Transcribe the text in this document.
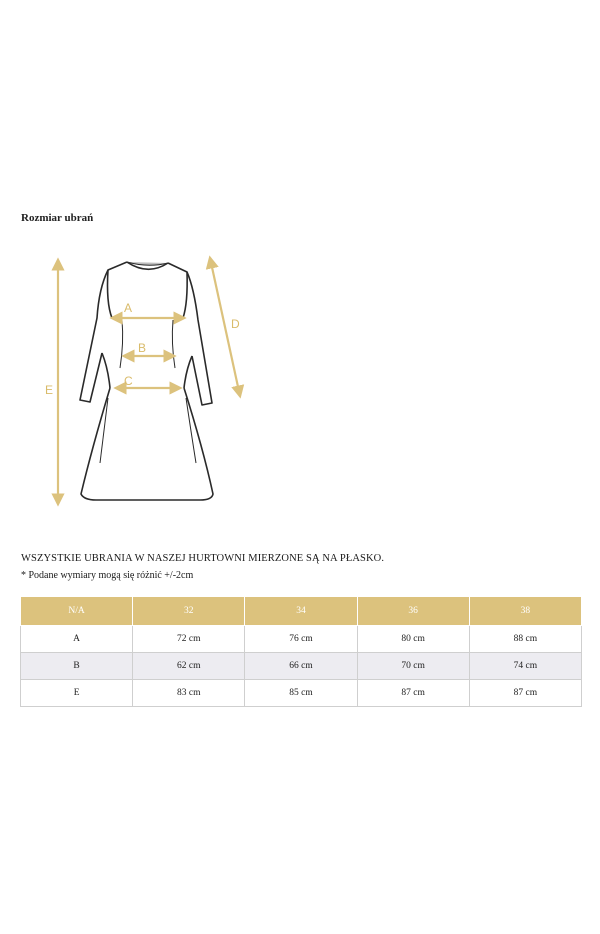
Rozmiar ubrań
A
B
C
D
E
WSZYSTKIE UBRANIA W NASZEJ HURTOWNI MIERZONE SĄ NA PŁASKO.
* Podane wymiary mogą się różnić +/-2cm
N/A	32	34	36	38
A	72 cm	76 cm	80 cm	88 cm
B	62 cm	66 cm	70 cm	74 cm
E	83 cm	85 cm	87 cm	87 cm
